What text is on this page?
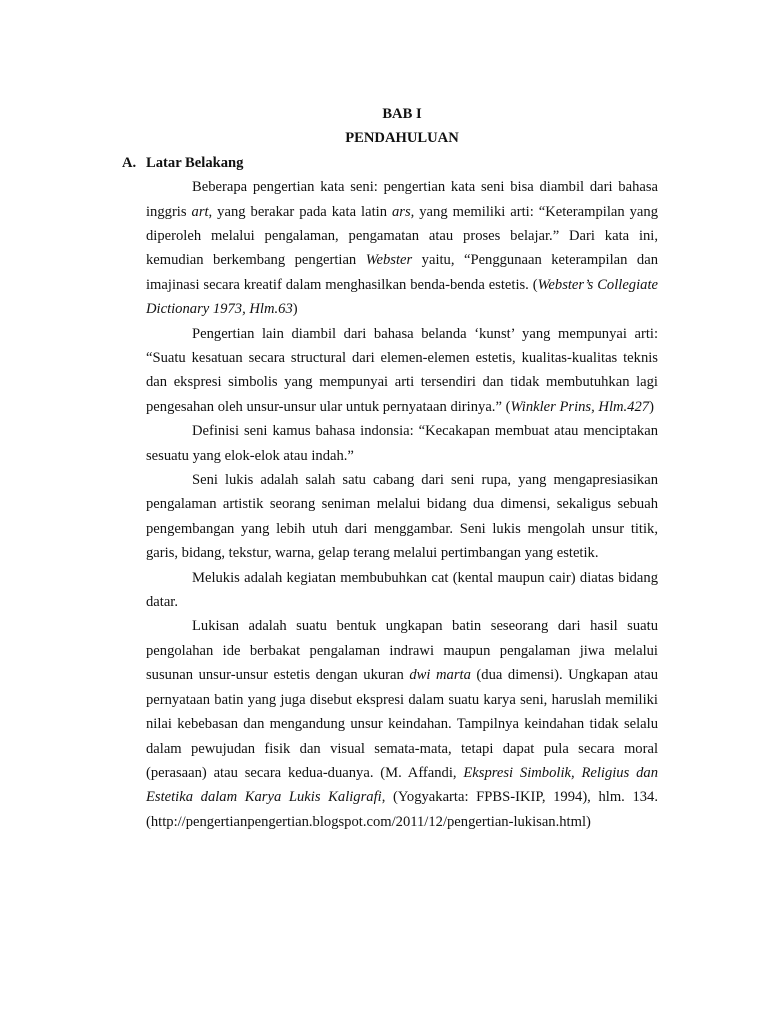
BAB I
PENDAHULUAN
A. Latar Belakang

Beberapa pengertian kata seni: pengertian kata seni bisa diambil dari bahasa inggris art, yang berakar pada kata latin ars, yang memiliki arti: “Keterampilan yang diperoleh melalui pengalaman, pengamatan atau proses belajar.” Dari kata ini, kemudian berkembang pengertian Webster yaitu, “Penggunaan keterampilan dan imajinasi secara kreatif dalam menghasilkan benda-benda estetis. (Webster’s Collegiate Dictionary 1973, Hlm.63)

Pengertian lain diambil dari bahasa belanda ‘kunst’ yang mempunyai arti: “Suatu kesatuan secara structural dari elemen-elemen estetis, kualitas-kualitas teknis dan ekspresi simbolis yang mempunyai arti tersendiri dan tidak membutuhkan lagi pengesahan oleh unsur-unsur ular untuk pernyataan dirinya.” (Winkler Prins, Hlm.427)

Definisi seni kamus bahasa indonsia: “Kecakapan membuat atau menciptakan sesuatu yang elok-elok atau indah.”

Seni lukis adalah salah satu cabang dari seni rupa, yang mengapresiasikan pengalaman artistik seorang seniman melalui bidang dua dimensi, sekaligus sebuah pengembangan yang lebih utuh dari menggambar. Seni lukis mengolah unsur titik, garis, bidang, tekstur, warna, gelap terang melalui pertimbangan yang estetik.

Melukis adalah kegiatan membubuhkan cat (kental maupun cair) diatas bidang datar.

Lukisan adalah suatu bentuk ungkapan batin seseorang dari hasil suatu pengolahan ide berbakat pengalaman indrawi maupun pengalaman jiwa melalui susunan unsur-unsur estetis dengan ukuran dwi marta (dua dimensi). Ungkapan atau pernyataan batin yang juga disebut ekspresi dalam suatu karya seni, haruslah memiliki nilai kebebasan dan mengandung unsur keindahan. Tampilnya keindahan tidak selalu dalam pewujudan fisik dan visual semata-mata, tetapi dapat pula secara moral (perasaan) atau secara kedua-duanya. (M. Affandi, Ekspresi Simbolik, Religius dan Estetika dalam Karya Lukis Kaligrafi, (Yogyakarta: FPBS-IKIP, 1994), hlm. 134. (http://pengertianpengertian.blogspot.com/2011/12/pengertian-lukisan.html)
